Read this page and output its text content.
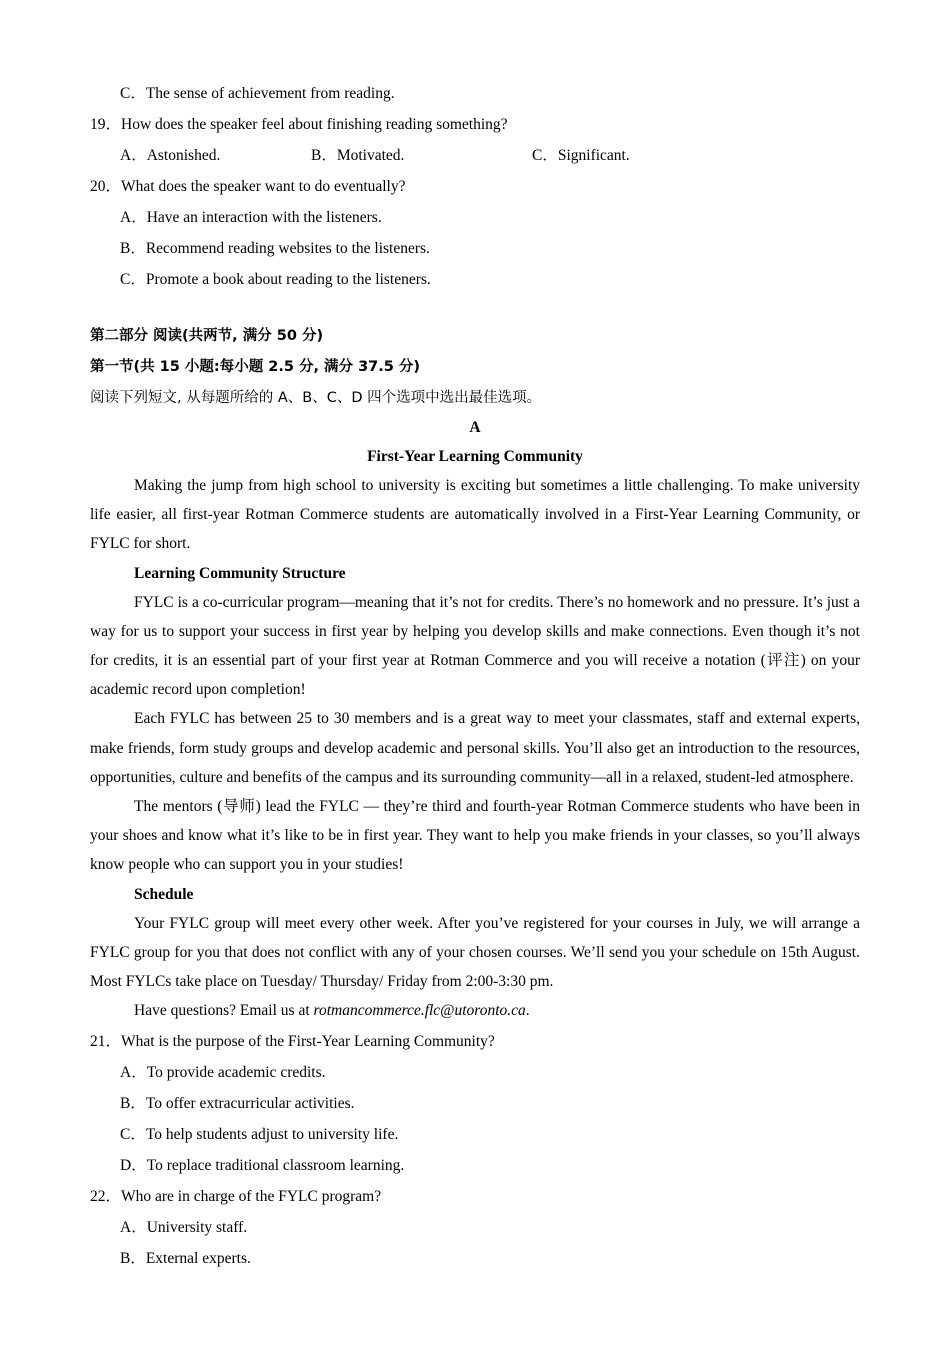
C．The sense of achievement from reading.
19．How does the speaker feel about finishing reading something?
A．Astonished.	B．Motivated.	C．Significant.
20．What does the speaker want to do eventually?
A．Have an interaction with the listeners.
B．Recommend reading websites to the listeners.
C．Promote a book about reading to the listeners.
第二部分 阅读(共两节, 满分 50 分)
第一节(共 15 小题:每小题 2.5 分, 满分 37.5 分)
阅读下列短文, 从每题所给的 A、B、C、D 四个选项中选出最佳选项。
A
First-Year Learning Community

Making the jump from high school to university is exciting but sometimes a little challenging. To make university life easier, all first-year Rotman Commerce students are automatically involved in a First-Year Learning Community, or FYLC for short.

Learning Community Structure

FYLC is a co-curricular program—meaning that it’s not for credits. There’s no homework and no pressure. It’s just a way for us to support your success in first year by helping you develop skills and make connections. Even though it’s not for credits, it is an essential part of your first year at Rotman Commerce and you will receive a notation (评注) on your academic record upon completion!

Each FYLC has between 25 to 30 members and is a great way to meet your classmates, staff and external experts, make friends, form study groups and develop academic and personal skills. You’ll also get an introduction to the resources, opportunities, culture and benefits of the campus and its surrounding community—all in a relaxed, student-led atmosphere.

The mentors (导师) lead the FYLC — they’re third and fourth-year Rotman Commerce students who have been in your shoes and know what it’s like to be in first year. They want to help you make friends in your classes, so you’ll always know people who can support you in your studies!

Schedule

Your FYLC group will meet every other week. After you’ve registered for your courses in July, we will arrange a FYLC group for you that does not conflict with any of your chosen courses. We’ll send you your schedule on 15th August. Most FYLCs take place on Tuesday/ Thursday/ Friday from 2:00-3:30 pm.

Have questions? Email us at rotmancommerce.flc@utoronto.ca.

21．What is the purpose of the First-Year Learning Community?
A．To provide academic credits.
B．To offer extracurricular activities.
C．To help students adjust to university life.
D．To replace traditional classroom learning.
22．Who are in charge of the FYLC program?
A．University staff.
B．External experts.
